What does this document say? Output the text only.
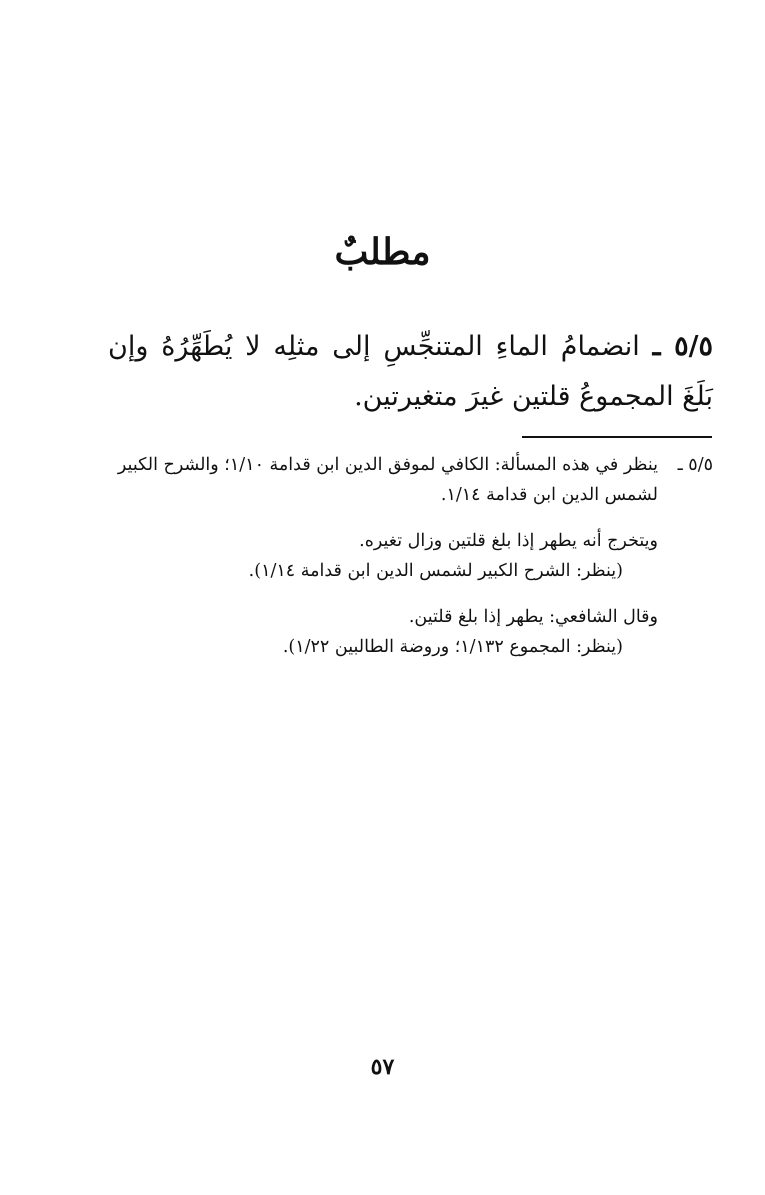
مطلبٌ
٥/٥ ـ انضمامُ الماءِ المتنجِّسِ إلى مثلِه لا يُطَهِّرُهُ وإن بَلَغَ المجموعُ قلتين غيرَ متغيرتين.
٥/٥ ـ
ينظر في هذه المسألة: الكافي لموفق الدين ابن قدامة ١/١٠؛ والشرح الكبير لشمس الدين ابن قدامة ١/١٤.

ويتخرج أنه يطهر إذا بلغ قلتين وزال تغيره.

(ينظر: الشرح الكبير لشمس الدين ابن قدامة ١/١٤).

وقال الشافعي: يطهر إذا بلغ قلتين.

(ينظر: المجموع ١/١٣٢؛ وروضة الطالبين ١/٢٢).

٥٧
